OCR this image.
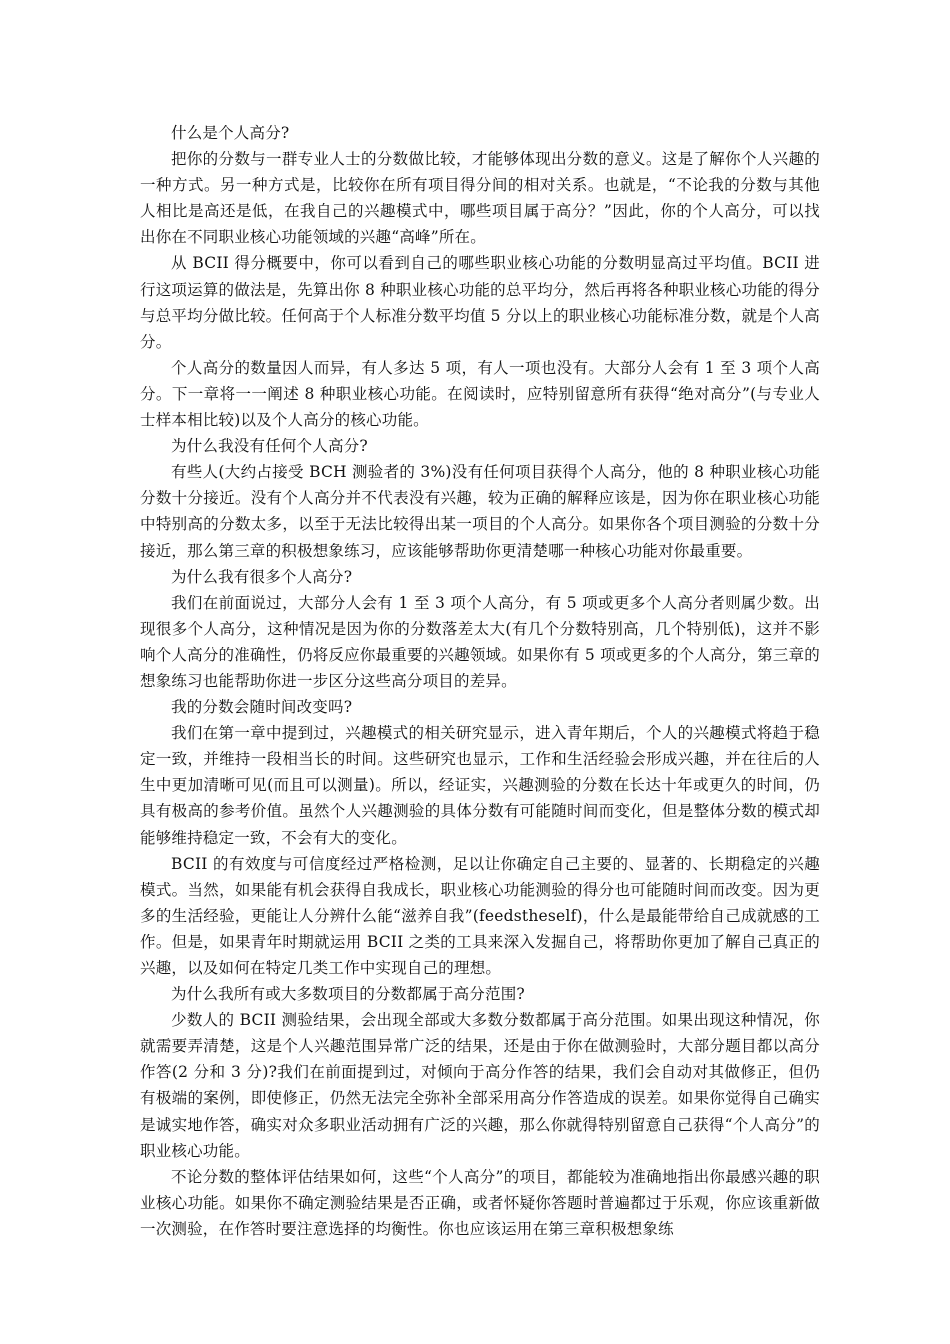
什么是个人高分?

把你的分数与一群专业人士的分数做比较，才能够体现出分数的意义。这是了解你个人兴趣的一种方式。另一种方式是，比较你在所有项目得分间的相对关系。也就是，“不论我的分数与其他人相比是高还是低，在我自己的兴趣模式中，哪些项目属于高分？”因此，你的个人高分，可以找出你在不同职业核心功能领域的兴趣“高峰”所在。

从 BCII 得分概要中，你可以看到自己的哪些职业核心功能的分数明显高过平均值。BCII 进行这项运算的做法是，先算出你 8 种职业核心功能的总平均分，然后再将各种职业核心功能的得分与总平均分做比较。任何高于个人标准分数平均值 5 分以上的职业核心功能标准分数，就是个人高分。

个人高分的数量因人而异，有人多达 5 项，有人一项也没有。大部分人会有 1 至 3 项个人高分。下一章将一一阐述 8 种职业核心功能。在阅读时，应特别留意所有获得“绝对高分”(与专业人士样本相比较)以及个人高分的核心功能。

为什么我没有任何个人高分?

有些人(大约占接受 BCH 测验者的 3%)没有任何项目获得个人高分，他的 8 种职业核心功能分数十分接近。没有个人高分并不代表没有兴趣，较为正确的解释应该是，因为你在职业核心功能中特别高的分数太多，以至于无法比较得出某一项目的个人高分。如果你各个项目测验的分数十分接近，那么第三章的积极想象练习，应该能够帮助你更清楚哪一种核心功能对你最重要。

为什么我有很多个人高分?

我们在前面说过，大部分人会有 1 至 3 项个人高分，有 5 项或更多个人高分者则属少数。出现很多个人高分，这种情况是因为你的分数落差太大(有几个分数特别高，几个特别低)，这并不影响个人高分的准确性，仍将反应你最重要的兴趣领域。如果你有 5 项或更多的个人高分，第三章的想象练习也能帮助你进一步区分这些高分项目的差异。

我的分数会随时间改变吗?

我们在第一章中提到过，兴趣模式的相关研究显示，进入青年期后，个人的兴趣模式将趋于稳定一致，并维持一段相当长的时间。这些研究也显示，工作和生活经验会形成兴趣，并在往后的人生中更加清晰可见(而且可以测量)。所以，经证实，兴趣测验的分数在长达十年或更久的时间，仍具有极高的参考价值。虽然个人兴趣测验的具体分数有可能随时间而变化，但是整体分数的模式却能够维持稳定一致，不会有大的变化。

BCII 的有效度与可信度经过严格检测，足以让你确定自己主要的、显著的、长期稳定的兴趣模式。当然，如果能有机会获得自我成长，职业核心功能测验的得分也可能随时间而改变。因为更多的生活经验，更能让人分辨什么能“滋养自我”(feedstheself)，什么是最能带给自己成就感的工作。但是，如果青年时期就运用 BCII 之类的工具来深入发掘自己，将帮助你更加了解自己真正的兴趣，以及如何在特定几类工作中实现自己的理想。

为什么我所有或大多数项目的分数都属于高分范围?

少数人的 BCII 测验结果，会出现全部或大多数分数都属于高分范围。如果出现这种情况，你就需要弄清楚，这是个人兴趣范围异常广泛的结果，还是由于你在做测验时，大部分题目都以高分作答(2 分和 3 分)?我们在前面提到过，对倾向于高分作答的结果，我们会自动对其做修正，但仍有极端的案例，即使修正，仍然无法完全弥补全部采用高分作答造成的误差。如果你觉得自己确实是诚实地作答，确实对众多职业活动拥有广泛的兴趣，那么你就得特别留意自己获得“个人高分”的职业核心功能。

不论分数的整体评估结果如何，这些“个人高分”的项目，都能较为准确地指出你最感兴趣的职业核心功能。如果你不确定测验结果是否正确，或者怀疑你答题时普遍都过于乐观，你应该重新做一次测验，在作答时要注意选择的均衡性。你也应该运用在第三章积极想象练
